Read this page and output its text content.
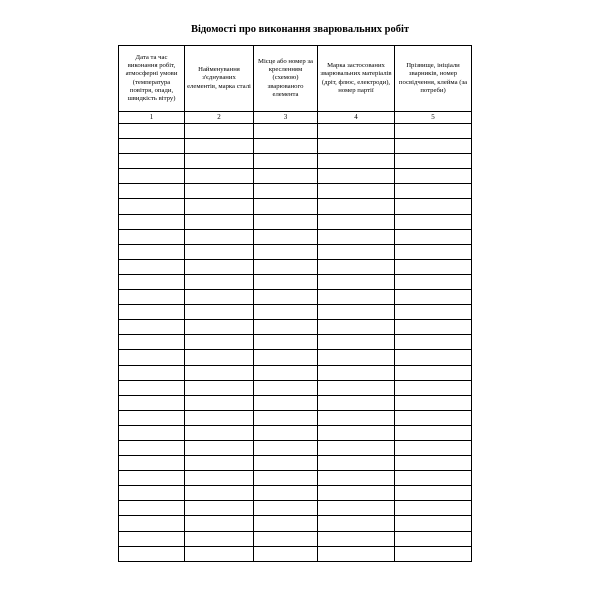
Відомості про виконання зварювальних робіт
Дата та час виконання робіт, атмосферні умови (температура повітря, опади, швидкість вітру)	Найменування з'єднуваних елементів, марка сталі	Місце або номер за кресленням (схемою) зварюваного елемента	Марка застосованих зварювальних матеріалів (дріт, флюс, електроди), номер партії	Прізвище, ініціали зварників, номер посвідчення, клейма (за потреби)
1	2	3	4	5
